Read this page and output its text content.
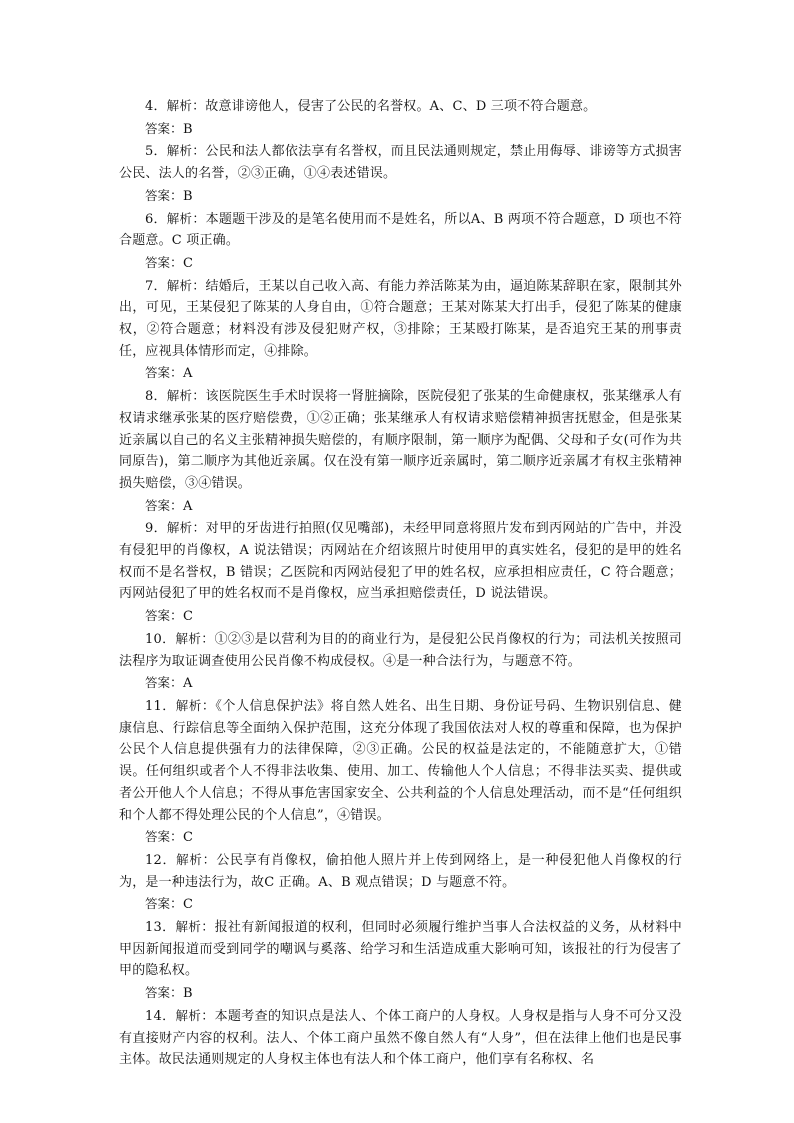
4．解析：故意诽谤他人，侵害了公民的名誉权。A、C、D 三项不符合题意。

答案：B

5．解析：公民和法人都依法享有名誉权，而且民法通则规定，禁止用侮辱、诽谤等方式损害公民、法人的名誉，②③正确，①④表述错误。

答案：B

6．解析：本题题干涉及的是笔名使用而不是姓名，所以A、B 两项不符合题意，D 项也不符合题意。C 项正确。

答案：C

7．解析：结婚后，王某以自己收入高、有能力养活陈某为由，逼迫陈某辞职在家，限制其外出，可见，王某侵犯了陈某的人身自由，①符合题意；王某对陈某大打出手，侵犯了陈某的健康权，②符合题意；材料没有涉及侵犯财产权，③排除；王某殴打陈某，是否追究王某的刑事责任，应视具体情形而定，④排除。

答案：A

8．解析：该医院医生手术时误将一肾脏摘除，医院侵犯了张某的生命健康权，张某继承人有权请求继承张某的医疗赔偿费，①②正确；张某继承人有权请求赔偿精神损害抚慰金，但是张某近亲属以自己的名义主张精神损失赔偿的，有顺序限制，第一顺序为配偶、父母和子女(可作为共同原告)，第二顺序为其他近亲属。仅在没有第一顺序近亲属时，第二顺序近亲属才有权主张精神损失赔偿，③④错误。

答案：A

9．解析：对甲的牙齿进行拍照(仅见嘴部)，未经甲同意将照片发布到丙网站的广告中，并没有侵犯甲的肖像权，A 说法错误；丙网站在介绍该照片时使用甲的真实姓名，侵犯的是甲的姓名权而不是名誉权，B 错误；乙医院和丙网站侵犯了甲的姓名权，应承担相应责任，C 符合题意；丙网站侵犯了甲的姓名权而不是肖像权，应当承担赔偿责任，D 说法错误。

答案：C

10．解析：①②③是以营利为目的的商业行为，是侵犯公民肖像权的行为；司法机关按照司法程序为取证调查使用公民肖像不构成侵权。④是一种合法行为，与题意不符。

答案：A

11．解析：《个人信息保护法》将自然人姓名、出生日期、身份证号码、生物识别信息、健康信息、行踪信息等全面纳入保护范围，这充分体现了我国依法对人权的尊重和保障，也为保护公民个人信息提供强有力的法律保障，②③正确。公民的权益是法定的，不能随意扩大，①错误。任何组织或者个人不得非法收集、使用、加工、传输他人个人信息；不得非法买卖、提供或者公开他人个人信息；不得从事危害国家安全、公共利益的个人信息处理活动，而不是“任何组织和个人都不得处理公民的个人信息”，④错误。

答案：C

12．解析：公民享有肖像权，偷拍他人照片并上传到网络上，是一种侵犯他人肖像权的行为，是一种违法行为，故C 正确。A、B 观点错误；D 与题意不符。

答案：C

13．解析：报社有新闻报道的权利，但同时必须履行维护当事人合法权益的义务，从材料中甲因新闻报道而受到同学的嘲讽与奚落、给学习和生活造成重大影响可知，该报社的行为侵害了甲的隐私权。

答案：B

14．解析：本题考查的知识点是法人、个体工商户的人身权。人身权是指与人身不可分又没有直接财产内容的权利。法人、个体工商户虽然不像自然人有“人身”，但在法律上他们也是民事主体。故民法通则规定的人身权主体也有法人和个体工商户，他们享有名称权、名
